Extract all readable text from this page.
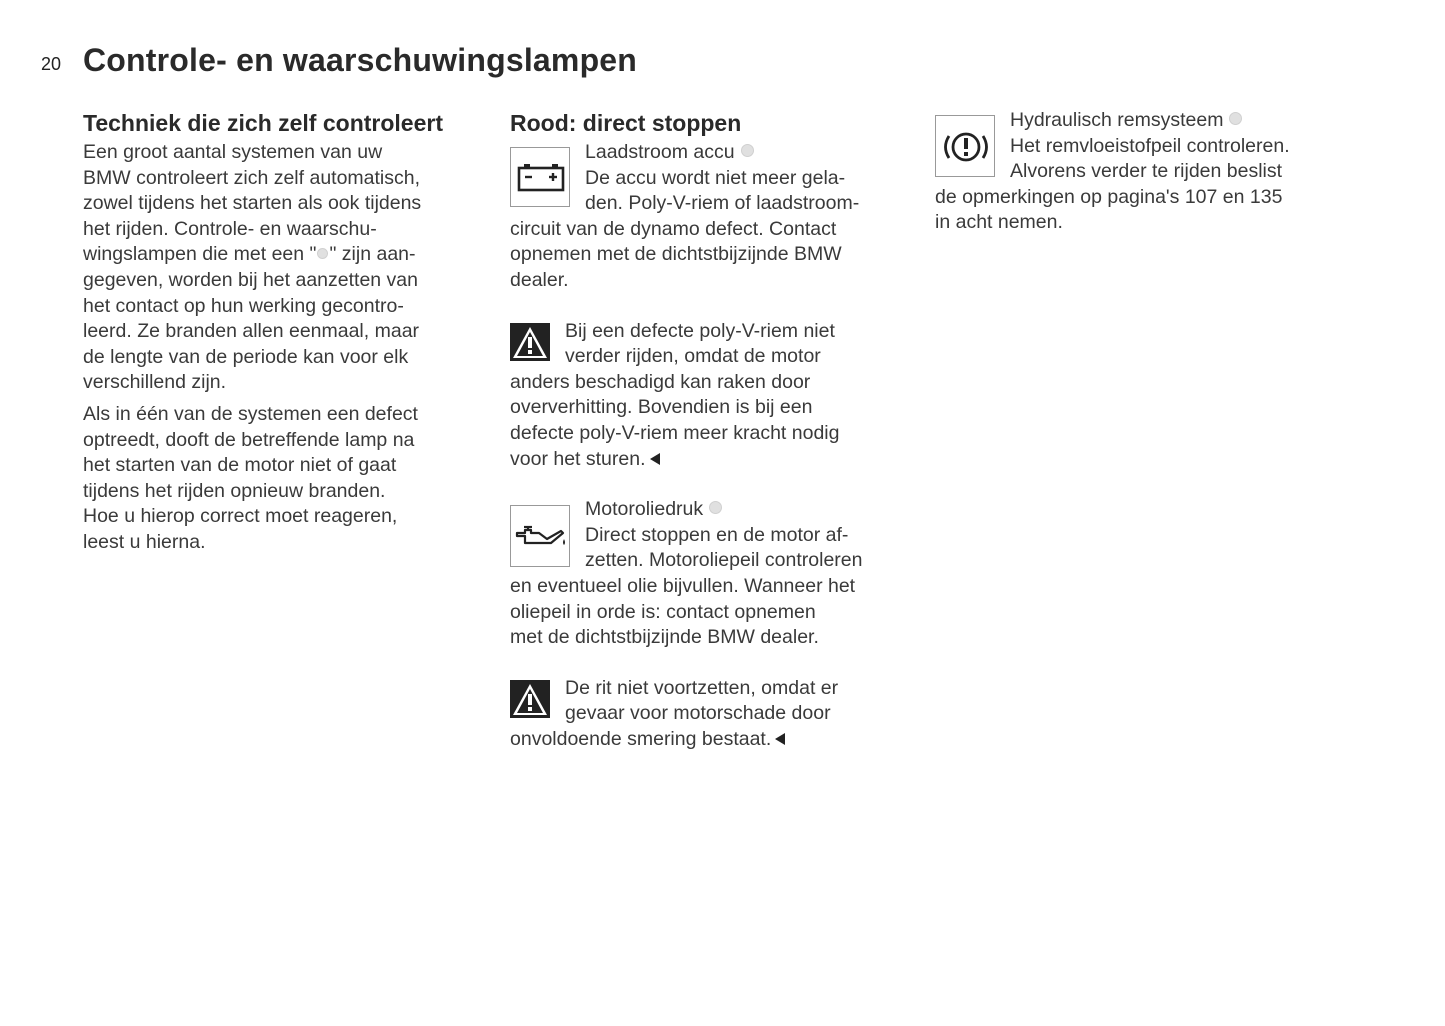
20 Controle- en waarschuwingslampen
Techniek die zich zelf controleert

Een groot aantal systemen van uw
BMW controleert zich zelf automatisch,
zowel tijdens het starten als ook tijdens
het rijden. Controle- en waarschu-
wingslampen die met een " " zijn aan-
gegeven, worden bij het aanzetten van
het contact op hun werking gecontro-
leerd. Ze branden allen eenmaal, maar
de lengte van de periode kan voor elk
verschillend zijn.

Als in één van de systemen een defect
optreedt, dooft de betreffende lamp na
het starten van de motor niet of gaat
tijdens het rijden opnieuw branden.
Hoe u hierop correct moet reageren,
leest u hierna.

Rood: direct stoppen
Laadstroom accu
De accu wordt niet meer gela-
den. Poly-V-riem of laadstroom-
circuit van de dynamo defect. Contact
opnemen met de dichtstbijzijnde BMW
dealer.
Bij een defecte poly-V-riem niet
verder rijden, omdat de motor
anders beschadigd kan raken door
oververhitting. Bovendien is bij een
defecte poly-V-riem meer kracht nodig
voor het sturen.
Motoroliedruk
Direct stoppen en de motor af-
zetten. Motoroliepeil controleren
en eventueel olie bijvullen. Wanneer het
oliepeil in orde is: contact opnemen
met de dichtstbijzijnde BMW dealer.
De rit niet voortzetten, omdat er
gevaar voor motorschade door
onvoldoende smering bestaat.
Hydraulisch remsysteem
Het remvloeistofpeil controleren.
Alvorens verder te rijden beslist
de opmerkingen op pagina's 107 en 135
in acht nemen.
